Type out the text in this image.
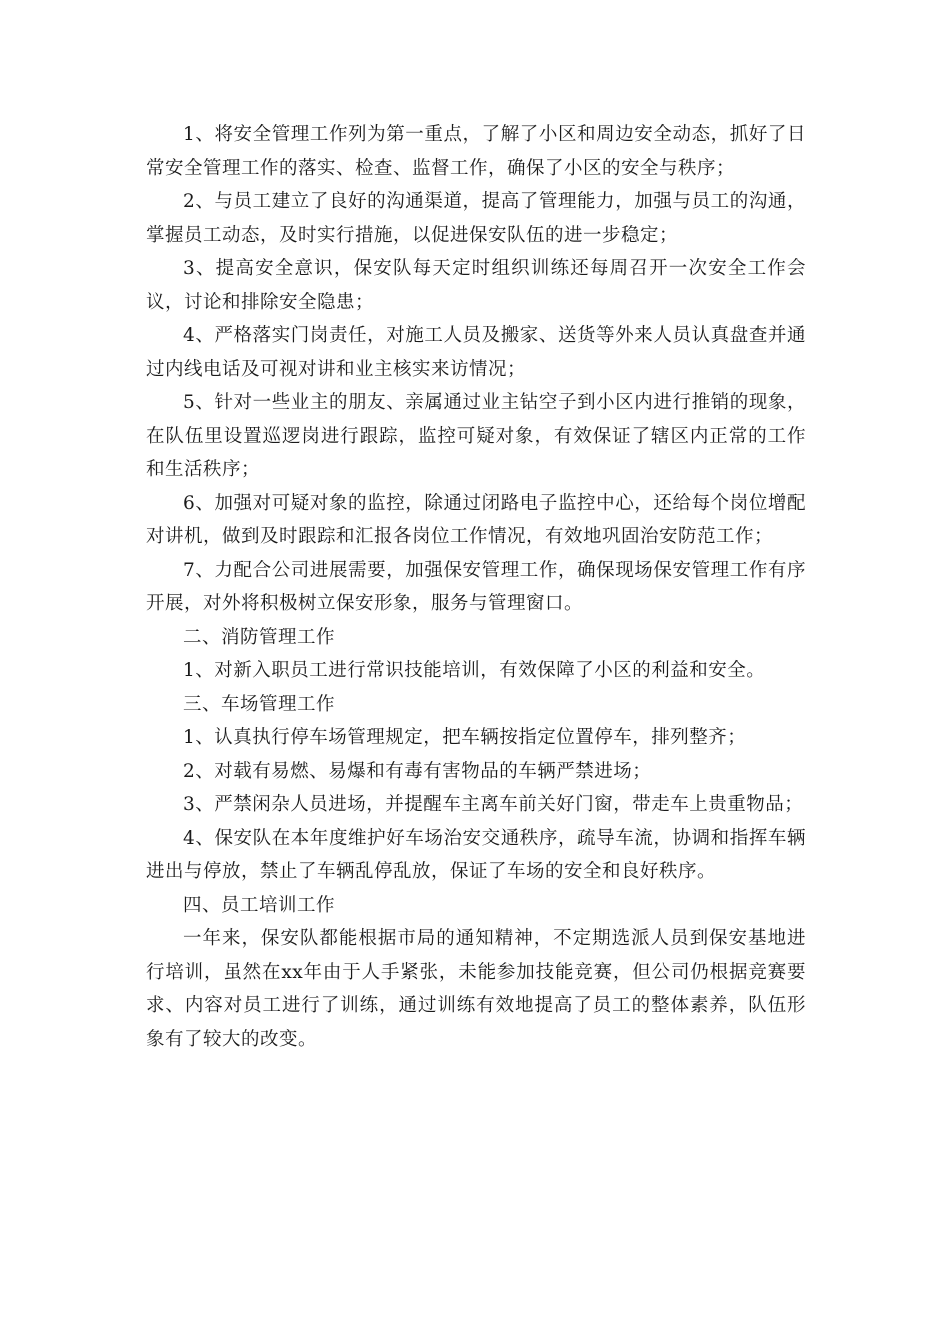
1、将安全管理工作列为第一重点，了解了小区和周边安全动态，抓好了日常安全管理工作的落实、检查、监督工作，确保了小区的安全与秩序；

2、与员工建立了良好的沟通渠道，提高了管理能力，加强与员工的沟通，掌握员工动态，及时实行措施，以促进保安队伍的进一步稳定；

3、提高安全意识，保安队每天定时组织训练还每周召开一次安全工作会议，讨论和排除安全隐患；

4、严格落实门岗责任，对施工人员及搬家、送货等外来人员认真盘查并通过内线电话及可视对讲和业主核实来访情况；

5、针对一些业主的朋友、亲属通过业主钻空子到小区内进行推销的现象，在队伍里设置巡逻岗进行跟踪，监控可疑对象，有效保证了辖区内正常的工作和生活秩序；

6、加强对可疑对象的监控，除通过闭路电子监控中心，还给每个岗位增配对讲机，做到及时跟踪和汇报各岗位工作情况，有效地巩固治安防范工作；

7、力配合公司进展需要，加强保安管理工作，确保现场保安管理工作有序开展，对外将积极树立保安形象，服务与管理窗口。

二、消防管理工作

1、对新入职员工进行常识技能培训，有效保障了小区的利益和安全。

三、车场管理工作

1、认真执行停车场管理规定，把车辆按指定位置停车，排列整齐；

2、对载有易燃、易爆和有毒有害物品的车辆严禁进场；

3、严禁闲杂人员进场，并提醒车主离车前关好门窗，带走车上贵重物品；

4、保安队在本年度维护好车场治安交通秩序，疏导车流，协调和指挥车辆进出与停放，禁止了车辆乱停乱放，保证了车场的安全和良好秩序。

四、员工培训工作

一年来，保安队都能根据市局的通知精神，不定期选派人员到保安基地进行培训，虽然在xx年由于人手紧张，未能参加技能竞赛，但公司仍根据竞赛要求、内容对员工进行了训练，通过训练有效地提高了员工的整体素养，队伍形象有了较大的改变。
